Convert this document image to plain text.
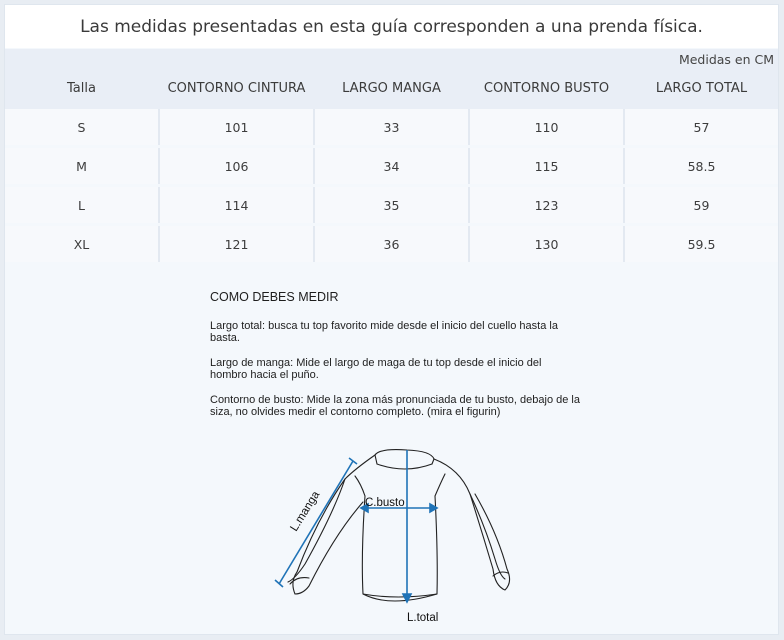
Las medidas presentadas en esta guía corresponden a una prenda física.
Medidas en CM
Talla	CONTORNO CINTURA	LARGO MANGA	CONTORNO BUSTO	LARGO TOTAL
S	101	33	110	57
M	106	34	115	58.5
L	114	35	123	59
XL	121	36	130	59.5
COMO DEBES MEDIR
Largo total: busca tu top favorito mide desde el inicio del cuello hasta la basta.
Largo de manga: Mide el largo de maga de tu top desde el inicio del hombro hacia el puño.
Contorno de busto: Mide la zona más pronunciada de tu busto, debajo de la siza, no olvides medir el contorno completo. (mira el figurin)
L.manga	C.busto
L.total
